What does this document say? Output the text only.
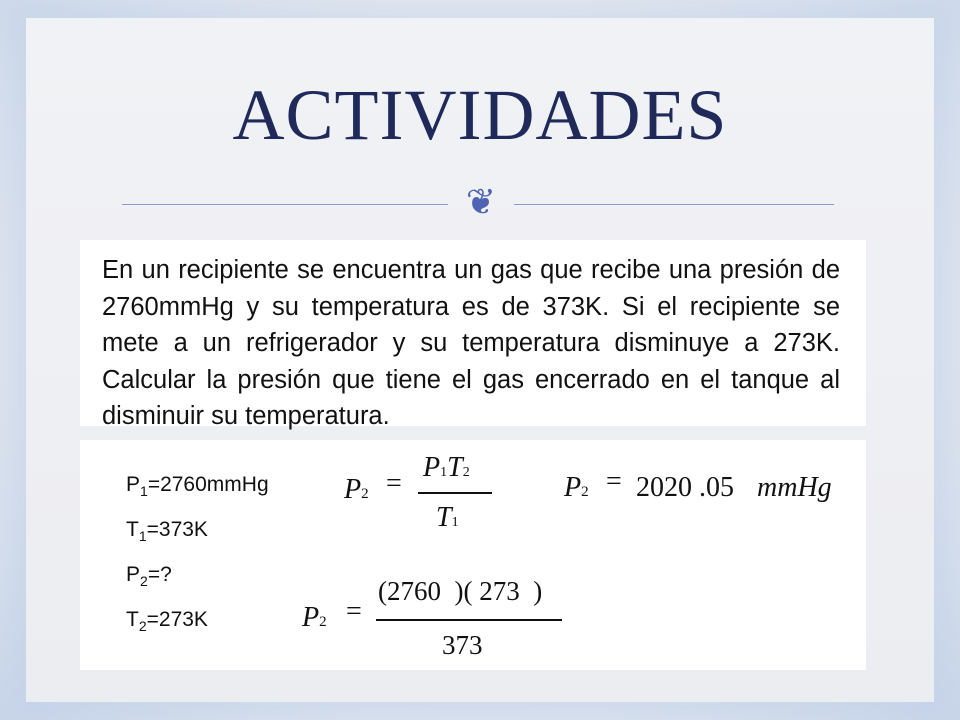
ACTIVIDADES
❦
En un recipiente se encuentra un gas que recibe una presión de 2760mmHg y su temperatura es de 373K. Si el recipiente se mete a un refrigerador y su temperatura disminuye a 273K. Calcular la presión que tiene el gas encerrado en el tanque al disminuir su temperatura.
$P_1=2760mmHg$
$T_1=373K$
$P_2=$?
$T_2=273K$
P2 =
P1T2
T1
P2 = 2020 .05 mmHg
P2 =
(2760  )( 273  )
373
